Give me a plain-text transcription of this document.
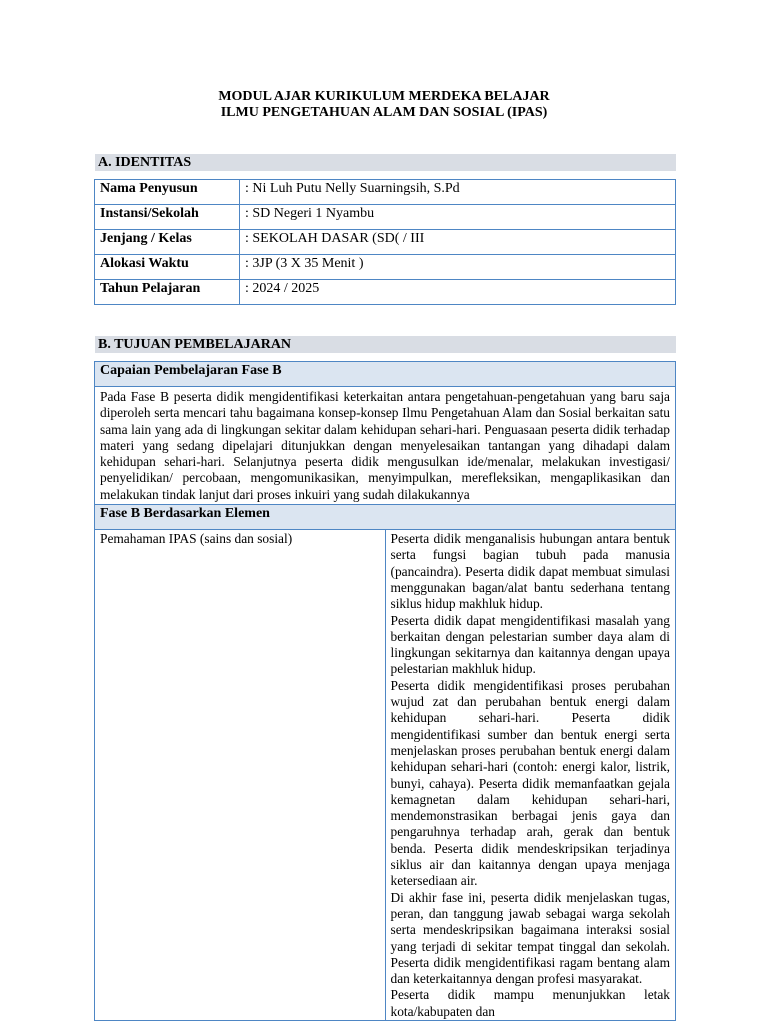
MODUL AJAR KURIKULUM MERDEKA BELAJAR
ILMU PENGETAHUAN ALAM DAN SOSIAL (IPAS)
A. IDENTITAS
Nama Penyusun	: Ni Luh Putu Nelly Suarningsih, S.Pd
Instansi/Sekolah	: SD Negeri 1 Nyambu
Jenjang / Kelas	: SEKOLAH DASAR (SD( / III
Alokasi Waktu	: 3JP (3 X 35 Menit )
Tahun Pelajaran	: 2024 / 2025
B. TUJUAN PEMBELAJARAN
Capaian Pembelajaran Fase B

Pada Fase B peserta didik mengidentifikasi keterkaitan antara pengetahuan-pengetahuan yang baru saja diperoleh serta mencari tahu bagaimana konsep-konsep Ilmu Pengetahuan Alam dan Sosial berkaitan satu sama lain yang ada di lingkungan sekitar dalam kehidupan sehari-hari. Penguasaan peserta didik terhadap materi yang sedang dipelajari ditunjukkan dengan menyelesaikan tantangan yang dihadapi dalam kehidupan sehari-hari. Selanjutnya peserta didik mengusulkan ide/menalar, melakukan investigasi/ penyelidikan/ percobaan, mengomunikasikan, menyimpulkan, merefleksikan, mengaplikasikan dan melakukan tindak lanjut dari proses inkuiri yang sudah dilakukannya

Fase B Berdasarkan Elemen
Pemahaman IPAS (sains dan sosial)	Peserta didik menganalisis hubungan antara bentuk serta fungsi bagian tubuh pada manusia (pancaindra). Peserta didik dapat membuat simulasi menggunakan bagan/alat bantu sederhana tentang siklus hidup makhluk hidup.
Peserta didik dapat mengidentifikasi masalah yang berkaitan dengan pelestarian sumber daya alam di lingkungan sekitarnya dan kaitannya dengan upaya pelestarian makhluk hidup.
Peserta didik mengidentifikasi proses perubahan wujud zat dan perubahan bentuk energi dalam kehidupan sehari-hari. Peserta didik mengidentifikasi sumber dan bentuk energi serta menjelaskan proses perubahan bentuk energi dalam kehidupan sehari-hari (contoh: energi kalor, listrik, bunyi, cahaya). Peserta didik memanfaatkan gejala kemagnetan dalam kehidupan sehari-hari, mendemonstrasikan berbagai jenis gaya dan pengaruhnya terhadap arah, gerak dan bentuk benda. Peserta didik mendeskripsikan terjadinya siklus air dan kaitannya dengan upaya menjaga ketersediaan air.
Di akhir fase ini, peserta didik menjelaskan tugas, peran, dan tanggung jawab sebagai warga sekolah serta mendeskripsikan bagaimana interaksi sosial yang terjadi di sekitar tempat tinggal dan sekolah. Peserta didik mengidentifikasi ragam bentang alam dan keterkaitannya dengan profesi masyarakat.
Peserta didik mampu menunjukkan letak kota/kabupaten dan
